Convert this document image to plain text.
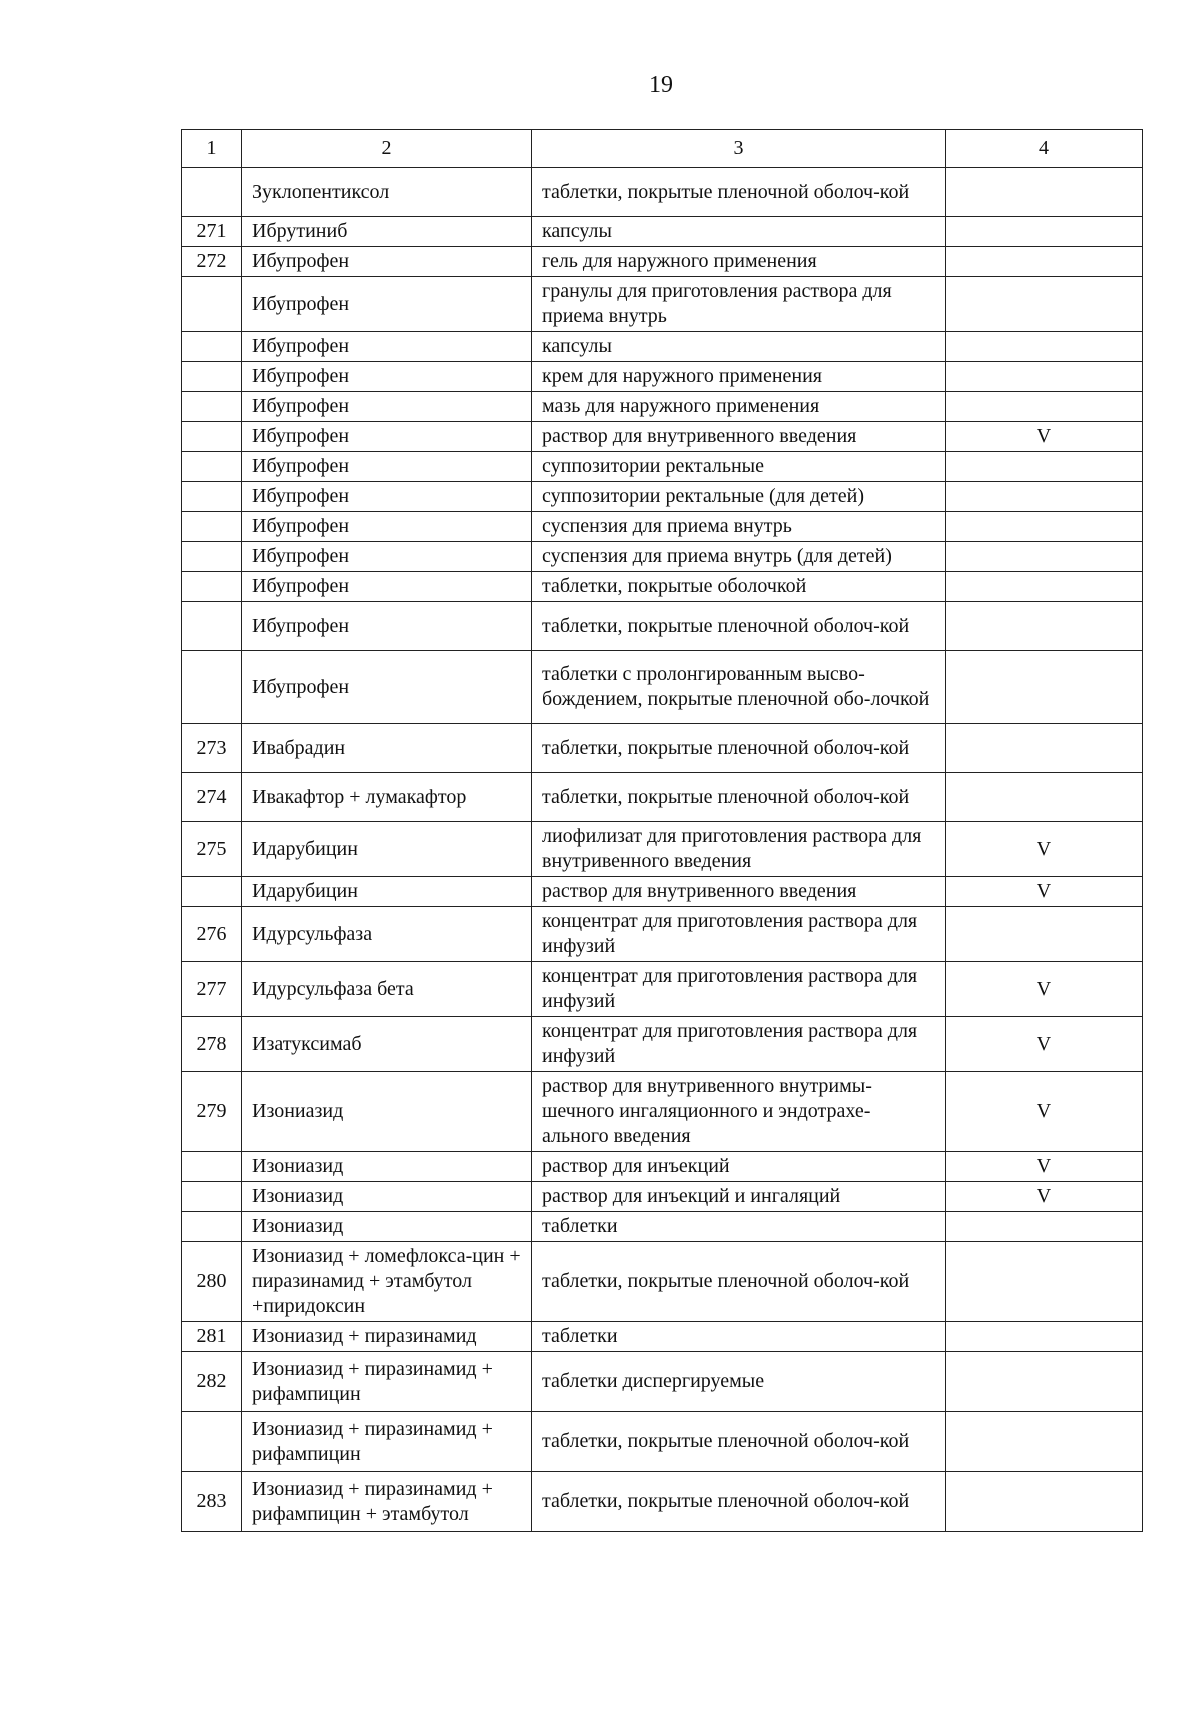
19
1	2	3	4
	Зуклопентиксол	таблетки, покрытые пленочной оболоч-кой	
271	Ибрутиниб	капсулы	
272	Ибупрофен	гель для наружного применения	
	Ибупрофен	гранулы для приготовления раствора для приема внутрь	
	Ибупрофен	капсулы	
	Ибупрофен	крем для наружного применения	
	Ибупрофен	мазь для наружного применения	
	Ибупрофен	раствор для внутривенного введения	V
	Ибупрофен	суппозитории ректальные	
	Ибупрофен	суппозитории ректальные (для детей)	
	Ибупрофен	суспензия для приема внутрь	
	Ибупрофен	суспензия для приема внутрь (для детей)	
	Ибупрофен	таблетки, покрытые оболочкой	
	Ибупрофен	таблетки, покрытые пленочной оболоч-кой	
	Ибупрофен	таблетки с пролонгированным высво-бождением, покрытые пленочной обо-лочкой	
273	Ивабрадин	таблетки, покрытые пленочной оболоч-кой	
274	Ивакафтор + лумакафтор	таблетки, покрытые пленочной оболоч-кой	
275	Идарубицин	лиофилизат для приготовления раствора для внутривенного введения	V
	Идарубицин	раствор для внутривенного введения	V
276	Идурсульфаза	концентрат для приготовления раствора для инфузий	
277	Идурсульфаза бета	концентрат для приготовления раствора для инфузий	V
278	Изатуксимаб	концентрат для приготовления раствора для инфузий	V
279	Изониазид	раствор для внутривенного внутримы-шечного ингаляционного и эндотрахе-ального введения	V
	Изониазид	раствор для инъекций	V
	Изониазид	раствор для инъекций и ингаляций	V
	Изониазид	таблетки	
280	Изониазид + ломефлокса-цин + пиразинамид + этамбутол +пиридоксин	таблетки, покрытые пленочной оболоч-кой	
281	Изониазид + пиразинамид	таблетки	
282	Изониазид + пиразинамид + рифампицин	таблетки диспергируемые	
	Изониазид + пиразинамид + рифампицин	таблетки, покрытые пленочной оболоч-кой	
283	Изониазид + пиразинамид + рифампицин + этамбутол	таблетки, покрытые пленочной оболоч-кой	
